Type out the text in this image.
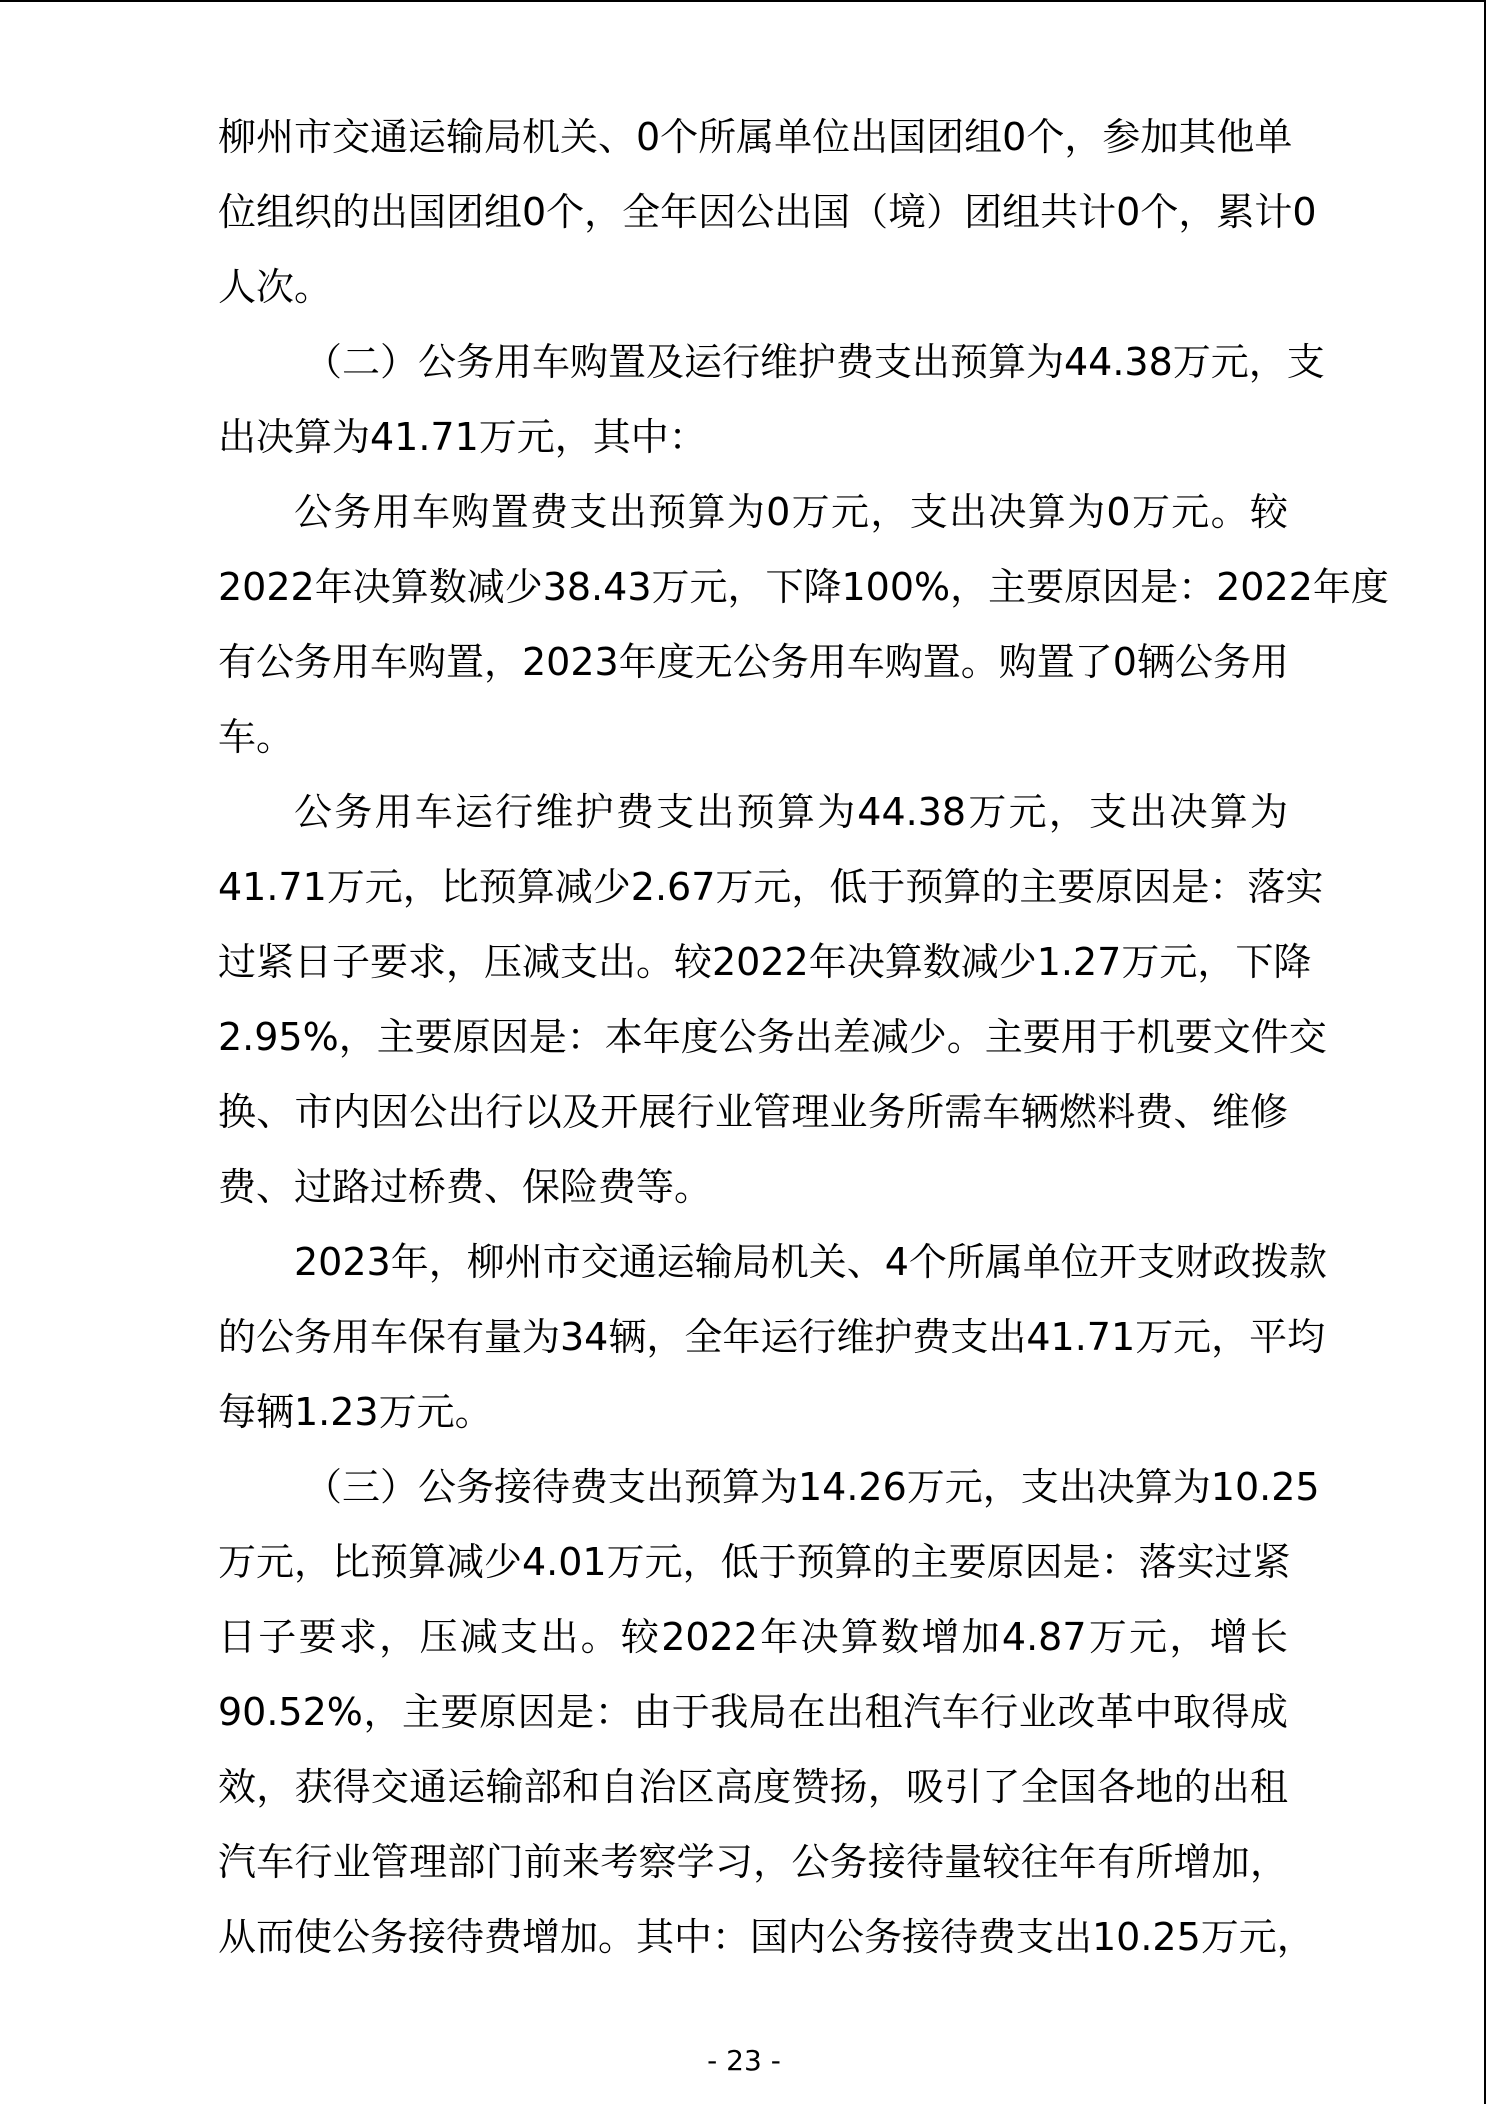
柳州市交通运输局机关、0个所属单位出国团组0个，参加其他单
位组织的出国团组0个，全年因公出国（境）团组共计0个，累计0
人次。
（二）公务用车购置及运行维护费支出预算为44.38万元，支
出决算为41.71万元，其中：
公务用车购置费支出预算为0万元，支出决算为0万元。较
2022年决算数减少38.43万元，下降100%，主要原因是：2022年度
有公务用车购置，2023年度无公务用车购置。购置了0辆公务用
车。
公务用车运行维护费支出预算为44.38万元，支出决算为
41.71万元，比预算减少2.67万元，低于预算的主要原因是：落实
过紧日子要求，压减支出。较2022年决算数减少1.27万元，下降
2.95%，主要原因是：本年度公务出差减少。主要用于机要文件交
换、市内因公出行以及开展行业管理业务所需车辆燃料费、维修
费、过路过桥费、保险费等。
2023年，柳州市交通运输局机关、4个所属单位开支财政拨款
的公务用车保有量为34辆，全年运行维护费支出41.71万元，平均
每辆1.23万元。
（三）公务接待费支出预算为14.26万元，支出决算为10.25
万元，比预算减少4.01万元，低于预算的主要原因是：落实过紧
日子要求，压减支出。较2022年决算数增加4.87万元，增长
90.52%，主要原因是：由于我局在出租汽车行业改革中取得成
效，获得交通运输部和自治区高度赞扬，吸引了全国各地的出租
汽车行业管理部门前来考察学习，公务接待量较往年有所增加，
从而使公务接待费增加。其中：国内公务接待费支出10.25万元，
- 23 -
